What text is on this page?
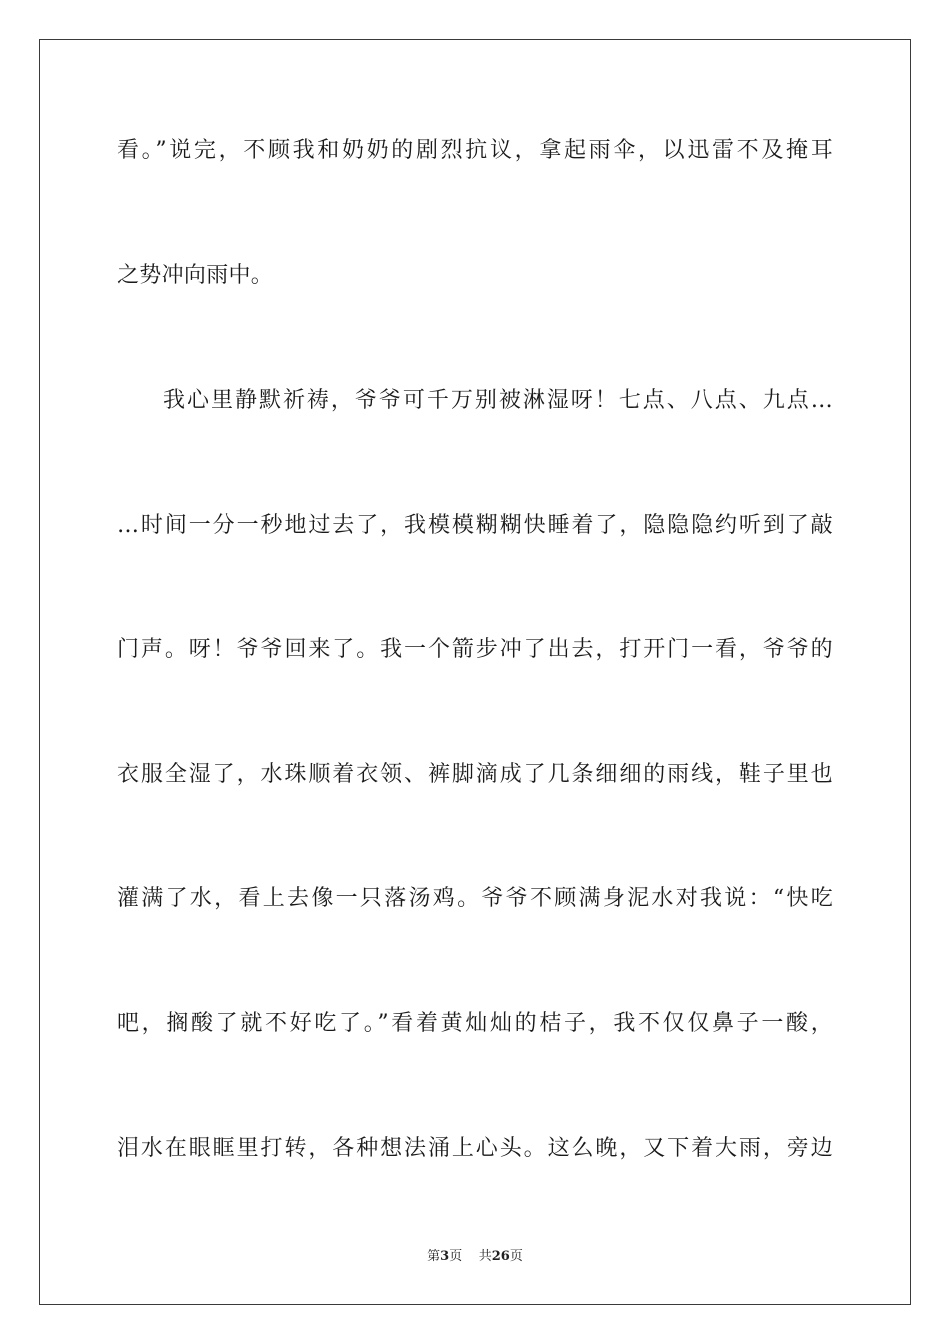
看。”说完，不顾我和奶奶的剧烈抗议，拿起雨伞，以迅雷不及掩耳
之势冲向雨中。
我心里静默祈祷，爷爷可千万别被淋湿呀！七点、八点、九点…
…时间一分一秒地过去了，我模模糊糊快睡着了，隐隐隐约听到了敲
门声。呀！爷爷回来了。我一个箭步冲了出去，打开门一看，爷爷的
衣服全湿了，水珠顺着衣领、裤脚滴成了几条细细的雨线，鞋子里也
灌满了水，看上去像一只落汤鸡。爷爷不顾满身泥水对我说：“快吃
吧，搁酸了就不好吃了。”看着黄灿灿的桔子，我不仅仅鼻子一酸，
泪水在眼眶里打转，各种想法涌上心头。这么晚，又下着大雨，旁边
第3页 共26页
